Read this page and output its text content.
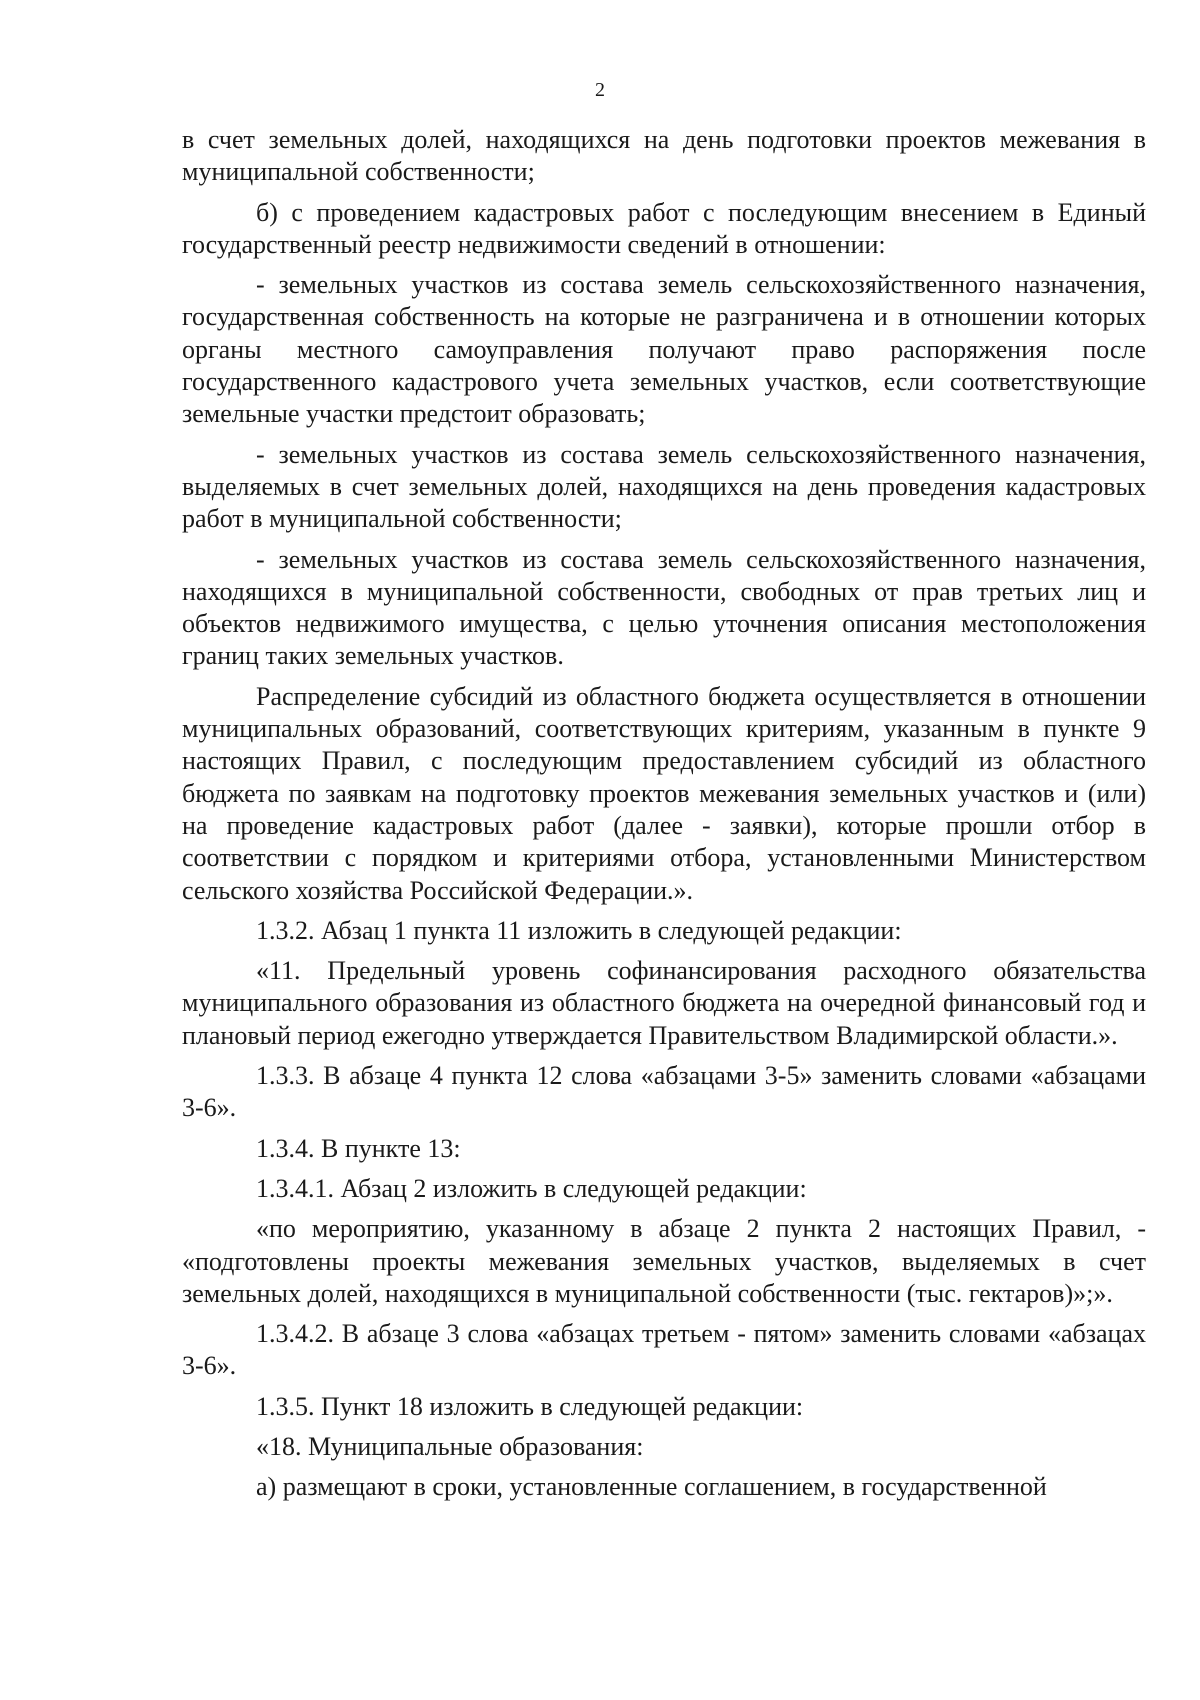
2

в счет земельных долей, находящихся на день подготовки проектов межевания в муниципальной собственности;

б) с проведением кадастровых работ с последующим внесением в Единый государственный реестр недвижимости сведений в отношении:

- земельных участков из состава земель сельскохозяйственного назначения, государственная собственность на которые не разграничена и в отношении которых органы местного самоуправления получают право распоряжения после государственного кадастрового учета земельных участков, если соответствующие земельные участки предстоит образовать;

- земельных участков из состава земель сельскохозяйственного назначения, выделяемых в счет земельных долей, находящихся на день проведения кадастровых работ в муниципальной собственности;

- земельных участков из состава земель сельскохозяйственного назначения, находящихся в муниципальной собственности, свободных от прав третьих лиц и объектов недвижимого имущества, с целью уточнения описания местоположения границ таких земельных участков.

Распределение субсидий из областного бюджета осуществляется в отношении муниципальных образований, соответствующих критериям, указанным в пункте 9 настоящих Правил, с последующим предоставлением субсидий из областного бюджета по заявкам на подготовку проектов межевания земельных участков и (или) на проведение кадастровых работ (далее - заявки), которые прошли отбор в соответствии с порядком и критериями отбора, установленными Министерством сельского хозяйства Российской Федерации.».

1.3.2. Абзац 1 пункта 11 изложить в следующей редакции:

«11. Предельный уровень софинансирования расходного обязательства муниципального образования из областного бюджета на очередной финансовый год и плановый период ежегодно утверждается Правительством Владимирской области.».

1.3.3. В абзаце 4 пункта 12 слова «абзацами 3-5» заменить словами «абзацами 3-6».

1.3.4. В пункте 13:

1.3.4.1. Абзац 2 изложить в следующей редакции:

«по мероприятию, указанному в абзаце 2 пункта 2 настоящих Правил, - «подготовлены проекты межевания земельных участков, выделяемых в счет земельных долей, находящихся в муниципальной собственности (тыс. гектаров)»;».

1.3.4.2. В абзаце 3 слова «абзацах третьем - пятом» заменить словами «абзацах 3-6».

1.3.5. Пункт 18 изложить в следующей редакции:

«18. Муниципальные образования:

а) размещают в сроки, установленные соглашением, в государственной
